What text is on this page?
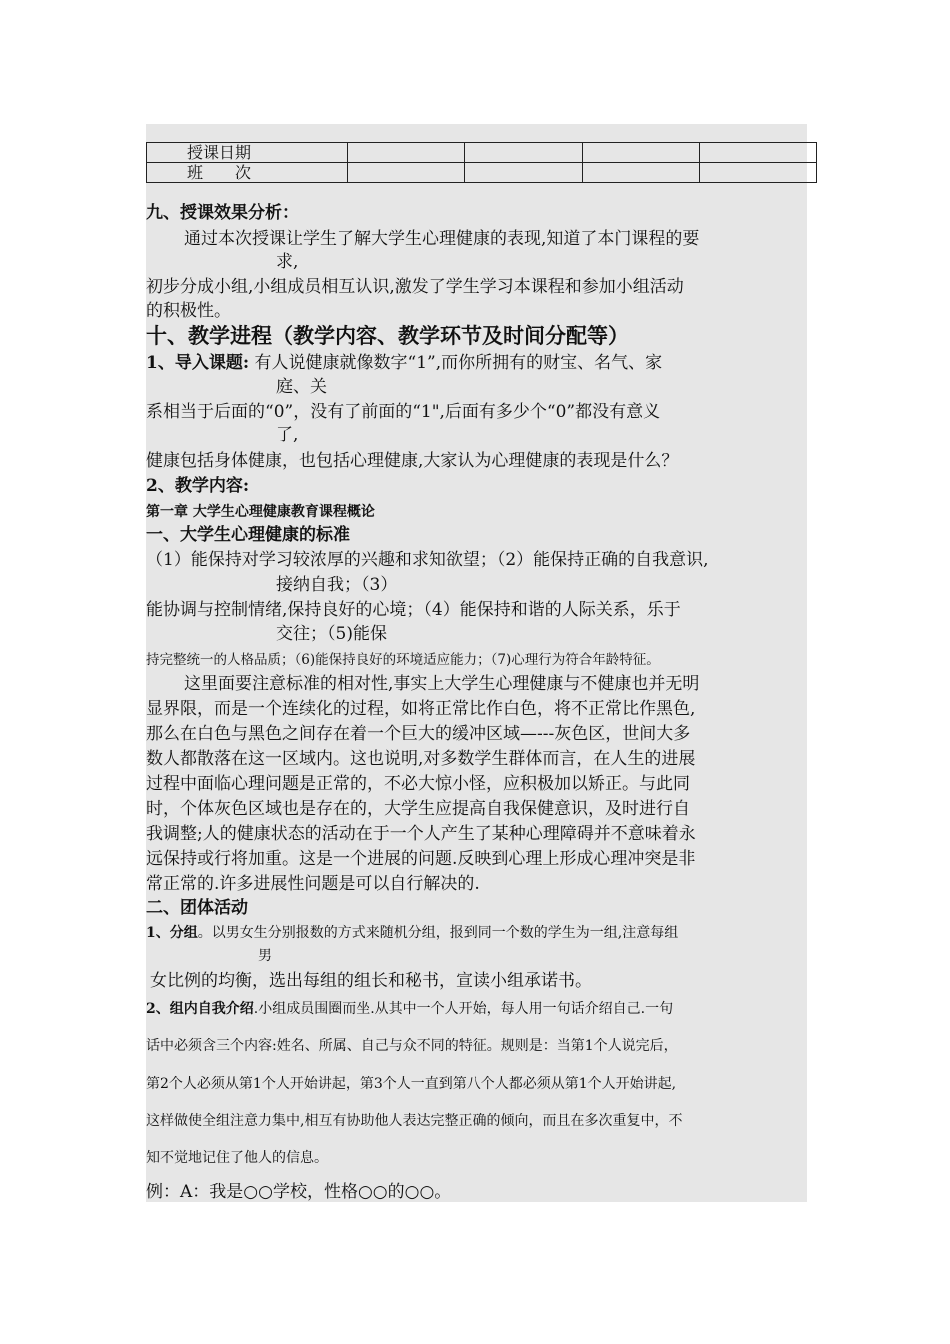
授课日期				
班　　次				
九、授课效果分析：
通过本次授课让学生了解大学生心理健康的表现,知道了本门课程的要
求,
初步分成小组,小组成员相互认识,激发了学生学习本课程和参加小组活动
的积极性。
十、教学进程（教学内容、教学环节及时间分配等）
1、导入课题: 有人说健康就像数字“1”,而你所拥有的财宝、名气、家
庭、关
系相当于后面的“0”，没有了前面的“1",后面有多少个“0”都没有意义
了,
健康包括身体健康，也包括心理健康,大家认为心理健康的表现是什么？
2、教学内容:
第一章 大学生心理健康教育课程概论
一、大学生心理健康的标准
（1）能保持对学习较浓厚的兴趣和求知欲望；（2）能保持正确的自我意识,
接纳自我；（3）
能协调与控制情绪,保持良好的心境；（4）能保持和谐的人际关系，乐于
交往；（5)能保
持完整统一的人格品质；（6)能保持良好的环境适应能力；（7)心理行为符合年龄特征。
这里面要注意标准的相对性,事实上大学生心理健康与不健康也并无明
显界限，而是一个连续化的过程，如将正常比作白色，将不正常比作黑色,
那么在白色与黑色之间存在着一个巨大的缓冲区域—---灰色区，世间大多
数人都散落在这一区域内。这也说明,对多数学生群体而言，在人生的进展
过程中面临心理问题是正常的，不必大惊小怪，应积极加以矫正。与此同
时，个体灰色区域也是存在的，大学生应提高自我保健意识，及时进行自
我调整;人的健康状态的活动在于一个人产生了某种心理障碍并不意味着永
远保持或行将加重。这是一个进展的问题.反映到心理上形成心理冲突是非
常正常的.许多进展性问题是可以自行解决的.
二、团体活动
1、分组。以男女生分别报数的方式来随机分组，报到同一个数的学生为一组,注意每组
男
女比例的均衡，选出每组的组长和秘书，宣读小组承诺书。
2、组内自我介绍.小组成员围圈而坐.从其中一个人开始，每人用一句话介绍自己.一句
话中必须含三个内容:姓名、所属、自己与众不同的特征。规则是：当第1个人说完后，
第2个人必须从第1个人开始讲起，第3个人一直到第八个人都必须从第1个人开始讲起,
这样做使全组注意力集中,相互有协助他人表达完整正确的倾向，而且在多次重复中，不
知不觉地记住了他人的信息。
例：A：我是○○学校，性格○○的○○。
